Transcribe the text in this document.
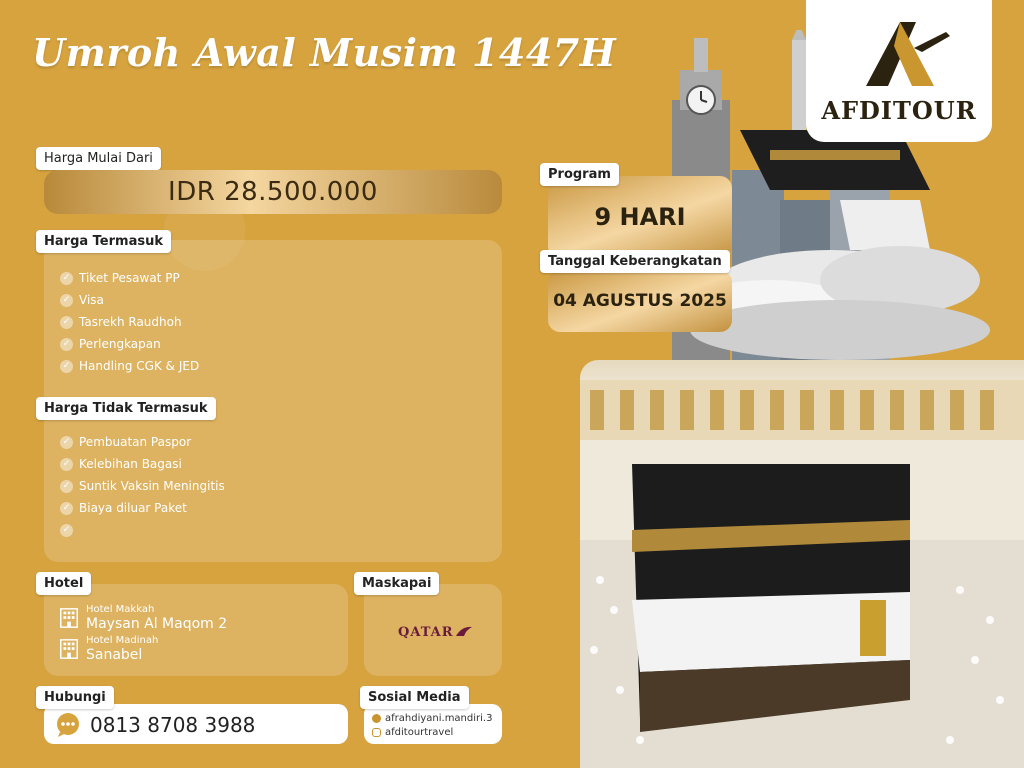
Umroh Awal Musim 1447H
Harga Mulai Dari
IDR 28.500.000
Harga Termasuk
✓ Tiket Pesawat PP
✓ Visa
✓ Tasrekh Raudhoh
✓ Perlengkapan
✓ Handling CGK & JED
Harga Tidak Termasuk
✓ Pembuatan Paspor
✓ Kelebihan Bagasi
✓ Suntik Vaksin Meningitis
✓ Biaya diluar Paket
✓
Hotel
Hotel Makkah
Maysan Al Maqom 2
Hotel Madinah
Sanabel
Maskapai
QATAR
Hubungi
0813 8708 3988
Sosial Media
afrahdiyani.mandiri.3
afditourtravel
9 HARI
Program
04 AGUSTUS 2025
Tanggal Keberangkatan
AFDITOUR
